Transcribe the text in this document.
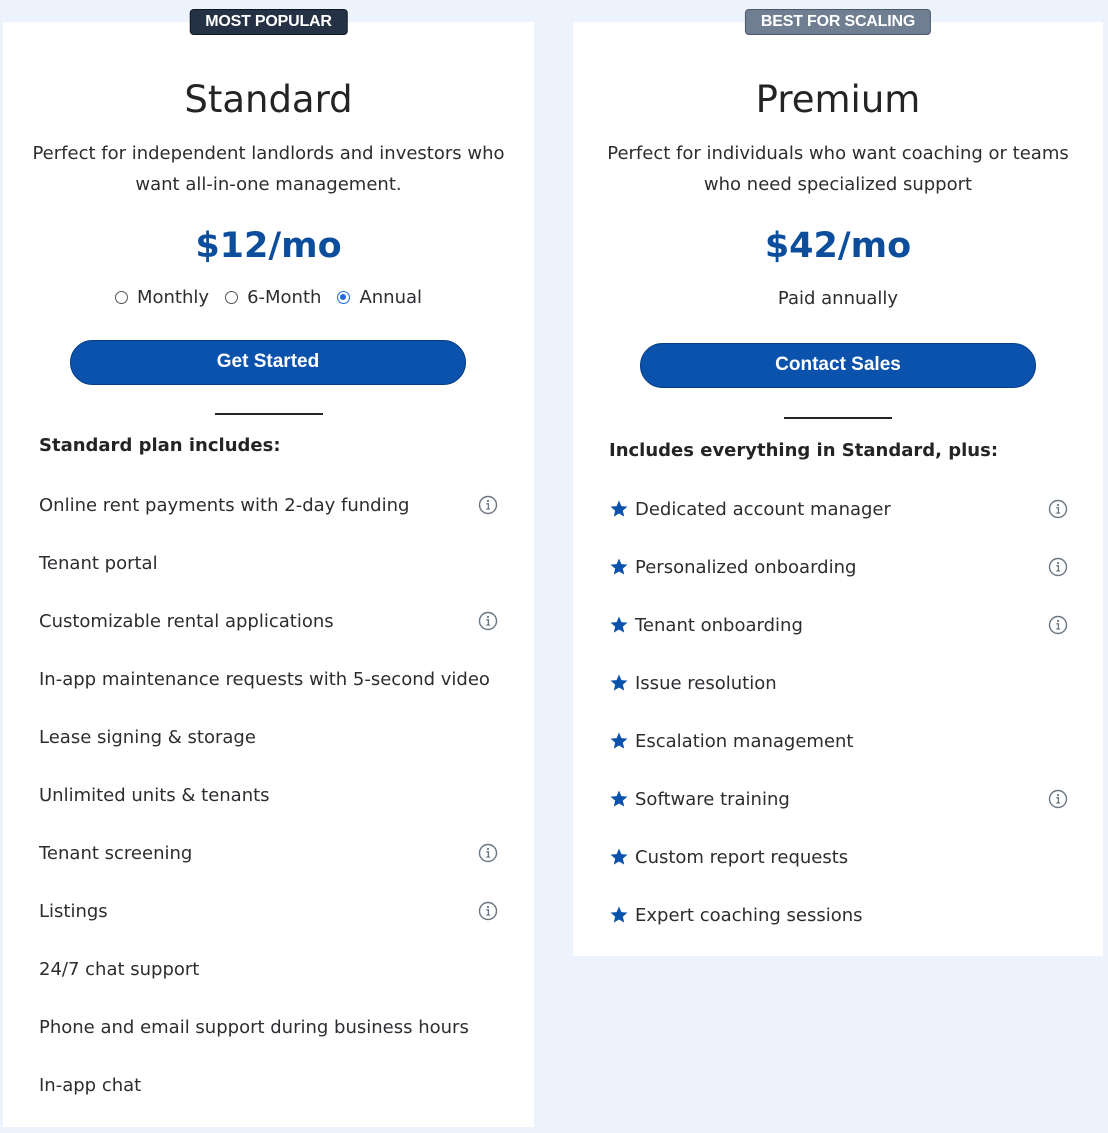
MOST POPULAR
Standard

Perfect for independent landlords and investors who want all-in-one management.

$12/mo
Monthly 6-Month Annual
Get Started
Standard plan includes:
Online rent payments with 2-day funding
Tenant portal
Customizable rental applications
In-app maintenance requests with 5-second video
Lease signing & storage
Unlimited units & tenants
Tenant screening
Listings
24/7 chat support
Phone and email support during business hours
In-app chat
BEST FOR SCALING
Premium

Perfect for individuals who want coaching or teams who need specialized support

$42/mo
Paid annually
Contact Sales
Includes everything in Standard, plus:
Dedicated account manager
Personalized onboarding
Tenant onboarding
Issue resolution
Escalation management
Software training
Custom report requests
Expert coaching sessions
